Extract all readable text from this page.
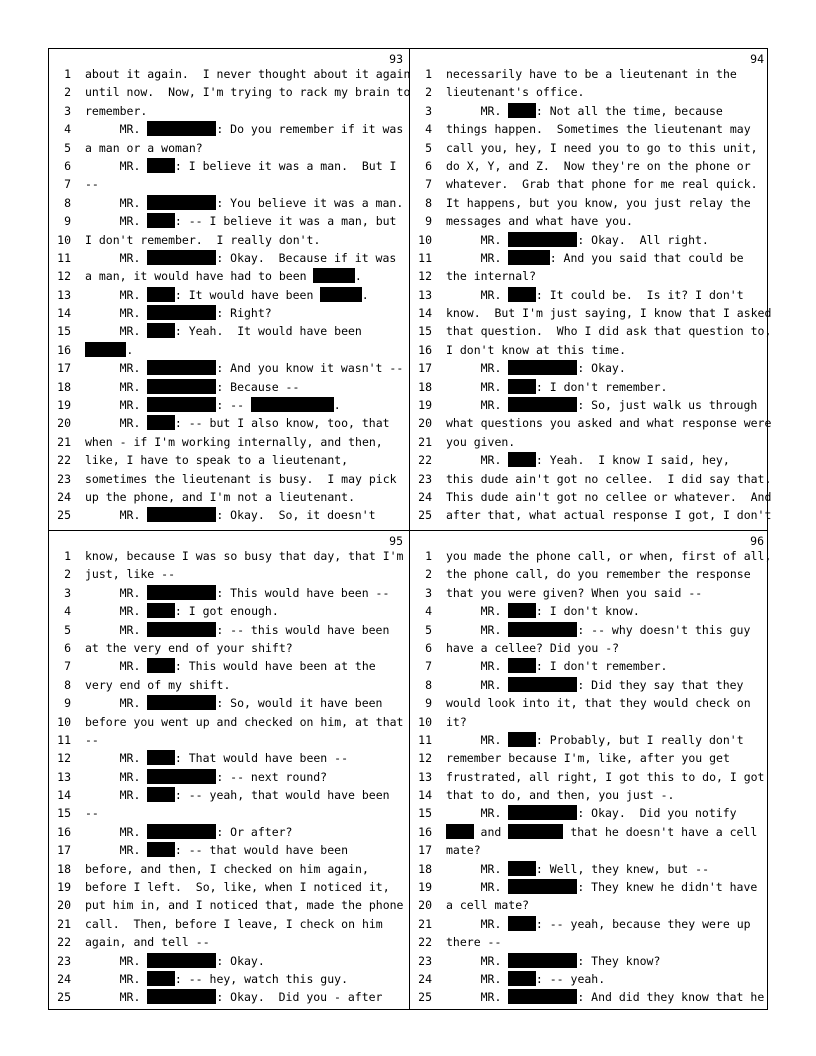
93
1 about it again.  I never thought about it again
2 until now.  Now, I'm trying to rack my brain to
3 remember.
4 MR.	: Do you remember if it was
5 a man or a woman?
6 MR. : I believe it was a man.  But I
7 --
8 MR.	: You believe it was a man.
9 MR. : -- I believe it was a man, but
10 I don't remember.  I really don't.
11 MR.	: Okay.  Because if it was
12 a man, it would have had to been	.
13 MR. : It would have been	.
14 MR.	: Right?
15 MR. : Yeah.  It would have been
16	.
17 MR.	: And you know it wasn't --
18 MR.	: Because --
19 MR.	: --	.
20 MR. : -- but I also know, too, that
21 when - if I'm working internally, and then,
22 like, I have to speak to a lieutenant,
23 sometimes the lieutenant is busy.  I may pick
24 up the phone, and I'm not a lieutenant.
25 MR.	: Okay.  So, it doesn't
94
1 necessarily have to be a lieutenant in the
2 lieutenant's office.
3 MR. : Not all the time, because
4 things happen.  Sometimes the lieutenant may
5 call you, hey, I need you to go to this unit,
6 do X, Y, and Z.  Now they're on the phone or
7 whatever.  Grab that phone for me real quick.
8 It happens, but you know, you just relay the
9 messages and what have you.
10 MR.	: Okay.  All right.
11 MR.	: And you said that could be
12 the internal?
13 MR. : It could be.  Is it? I don't
14 know.  But I'm just saying, I know that I asked
15 that question.  Who I did ask that question to,
16 I don't know at this time.
17 MR.	: Okay.
18 MR. : I don't remember.
19 MR.	: So, just walk us through
20 what questions you asked and what response were
21 you given.
22 MR. : Yeah.  I know I said, hey,
23 this dude ain't got no cellee.  I did say that.
24 This dude ain't got no cellee or whatever.  And
25 after that, what actual response I got, I don't
95
1 know, because I was so busy that day, that I'm
2 just, like --
3 MR.	: This would have been --
4 MR. : I got enough.
5 MR.	: -- this would have been
6 at the very end of your shift?
7 MR. : This would have been at the
8 very end of my shift.
9 MR.	: So, would it have been
10 before you went up and checked on him, at that
11 --
12 MR. : That would have been --
13 MR.	: -- next round?
14 MR. : -- yeah, that would have been
15 --
16 MR.	: Or after?
17 MR. : -- that would have been
18 before, and then, I checked on him again,
19 before I left.  So, like, when I noticed it,
20 put him in, and I noticed that, made the phone
21 call.  Then, before I leave, I check on him
22 again, and tell --
23 MR.	: Okay.
24 MR. : -- hey, watch this guy.
25 MR.	: Okay.  Did you - after
96
1 you made the phone call, or when, first of all,
2 the phone call, do you remember the response
3 that you were given? When you said --
4 MR. : I don't know.
5 MR.	: -- why doesn't this guy
6 have a cellee? Did you -?
7 MR. : I don't remember.
8 MR.	: Did they say that they
9 would look into it, that they would check on
10 it?
11 MR. : Probably, but I really don't
12 remember because I'm, like, after you get
13 frustrated, all right, I got this to do, I got
14 that to do, and then, you just -.
15 MR.	: Okay.  Did you notify
16	and	that he doesn't have a cell
17 mate?
18 MR. : Well, they knew, but --
19 MR.	: They knew he didn't have
20 a cell mate?
21 MR. : -- yeah, because they were up
22 there --
23 MR.	: They know?
24 MR. : -- yeah.
25 MR.	: And did they know that he
